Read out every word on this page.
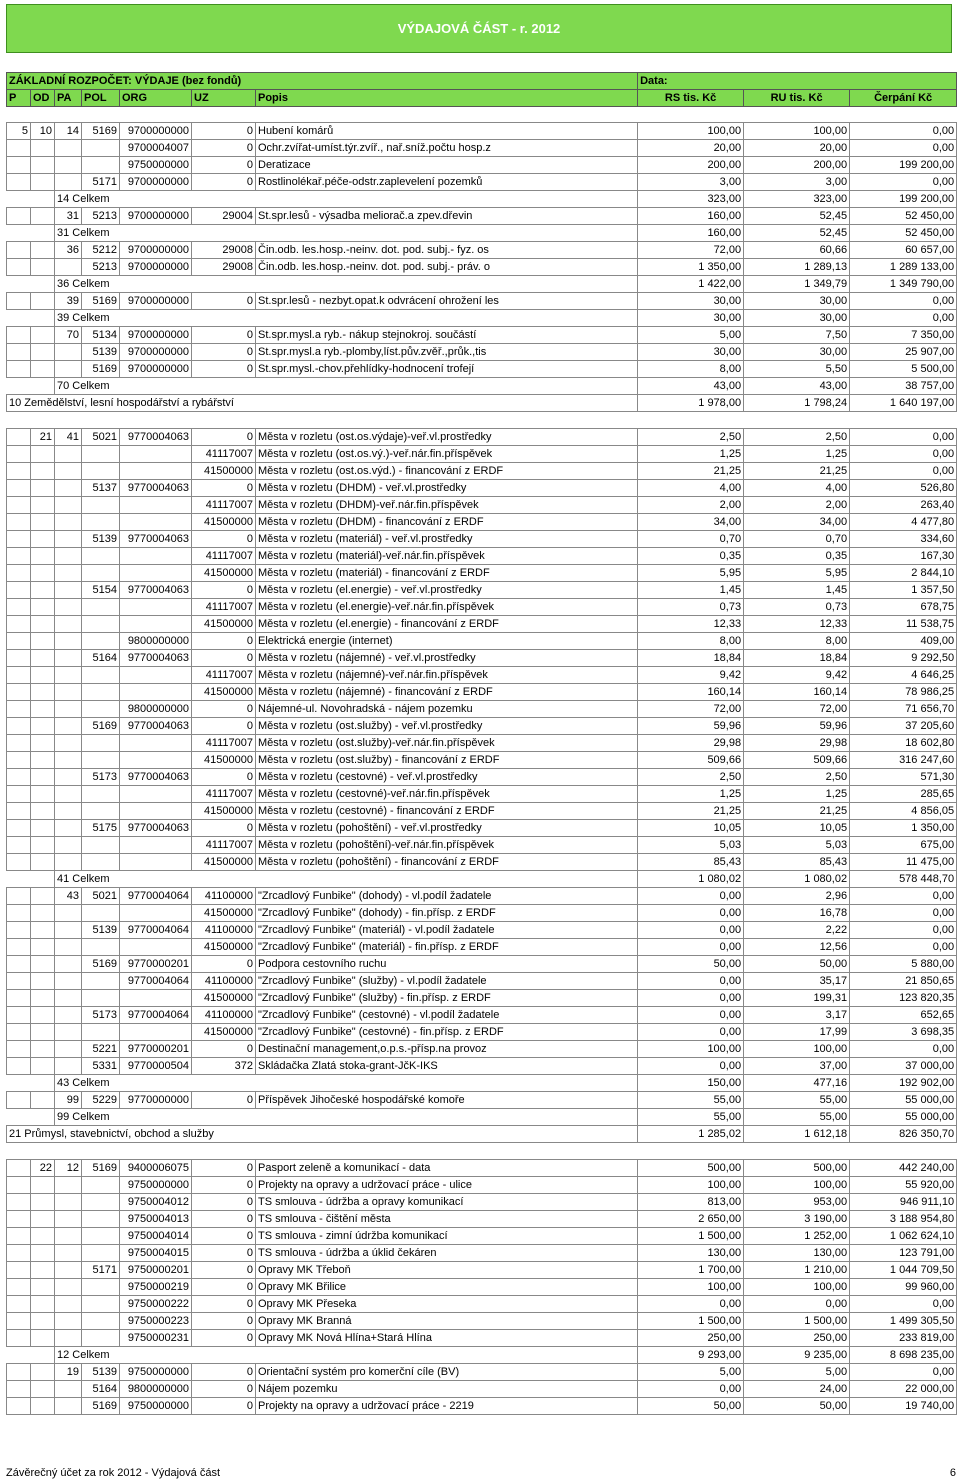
VÝDAJOVÁ ČÁST - r. 2012
ZÁKLADNÍ ROZPOČET: VÝDAJE (bez fondů)							Data:		
P	OD	PA	POL	ORG	UZ	Popis	RS tis. Kč	RU tis. Kč	Čerpání Kč

5	10	14	5169	9700000000	0	Hubení komárů	100,00	100,00	0,00
				9700004007	0	Ochr.zvířat-umíst.týr.zvíř., nař.sníž.počtu hosp.z	20,00	20,00	0,00
				9750000000	0	Deratizace	200,00	200,00	199 200,00
			5171	9700000000	0	Rostlinolékař.péče-odstr.zaplevelení pozemků	3,00	3,00	0,00
		14 Celkem					323,00	323,00	199 200,00
		31	5213	9700000000	29004	St.spr.lesů - výsadba meliorač.a zpev.dřevin	160,00	52,45	52 450,00
		31 Celkem					160,00	52,45	52 450,00
		36	5212	9700000000	29008	Čin.odb. les.hosp.-neinv. dot. pod. subj.- fyz. os	72,00	60,66	60 657,00
			5213	9700000000	29008	Čin.odb. les.hosp.-neinv. dot. pod. subj.- práv. o	1 350,00	1 289,13	1 289 133,00
		36 Celkem					1 422,00	1 349,79	1 349 790,00
		39	5169	9700000000	0	St.spr.lesů - nezbyt.opat.k odvrácení ohrožení les	30,00	30,00	0,00
		39 Celkem					30,00	30,00	0,00
		70	5134	9700000000	0	St.spr.mysl.a ryb.- nákup stejnokroj. součástí	5,00	7,50	7 350,00
			5139	9700000000	0	St.spr.mysl.a ryb.-plomby,líst.pův.zvěř.,průk.,tis	30,00	30,00	25 907,00
			5169	9700000000	0	St.spr.mysl.-chov.přehlídky-hodnocení trofejí	8,00	5,50	5 500,00
		70 Celkem					43,00	43,00	38 757,00
10 Zemědělství, lesní hospodářství a rybářství							1 978,00	1 798,24	1 640 197,00

	21	41	5021	9770004063	0	Města v rozletu (ost.os.výdaje)-veř.vl.prostředky	2,50	2,50	0,00
					41117007	Města v rozletu (ost.os.vý.)-veř.nár.fin.příspěvek	1,25	1,25	0,00
					41500000	Města v rozletu (ost.os.výd.) - financování z ERDF	21,25	21,25	0,00
			5137	9770004063	0	Města v rozletu (DHDM) - veř.vl.prostředky	4,00	4,00	526,80
					41117007	Města v rozletu (DHDM)-veř.nár.fin.příspěvek	2,00	2,00	263,40
					41500000	Města v rozletu (DHDM) - financování z ERDF	34,00	34,00	4 477,80
			5139	9770004063	0	Města v rozletu (materiál) - veř.vl.prostředky	0,70	0,70	334,60
					41117007	Města v rozletu (materiál)-veř.nár.fin.příspěvek	0,35	0,35	167,30
					41500000	Města v rozletu (materiál) - financování z ERDF	5,95	5,95	2 844,10
			5154	9770004063	0	Města v rozletu (el.energie) - veř.vl.prostředky	1,45	1,45	1 357,50
					41117007	Města v rozletu (el.energie)-veř.nár.fin.příspěvek	0,73	0,73	678,75
					41500000	Města v rozletu (el.energie) - financování z ERDF	12,33	12,33	11 538,75
				9800000000	0	Elektrická energie (internet)	8,00	8,00	409,00
			5164	9770004063	0	Města v rozletu (nájemné) - veř.vl.prostředky	18,84	18,84	9 292,50
					41117007	Města v rozletu (nájemné)-veř.nár.fin.příspěvek	9,42	9,42	4 646,25
					41500000	Města v rozletu (nájemné) - financování z ERDF	160,14	160,14	78 986,25
				9800000000	0	Nájemné-ul. Novohradská - nájem pozemku	72,00	72,00	71 656,70
			5169	9770004063	0	Města v rozletu (ost.služby) - veř.vl.prostředky	59,96	59,96	37 205,60
					41117007	Města v rozletu (ost.služby)-veř.nár.fin.příspěvek	29,98	29,98	18 602,80
					41500000	Města v rozletu (ost.služby) - financování z ERDF	509,66	509,66	316 247,60
			5173	9770004063	0	Města v rozletu (cestovné) - veř.vl.prostředky	2,50	2,50	571,30
					41117007	Města v rozletu (cestovné)-veř.nár.fin.příspěvek	1,25	1,25	285,65
					41500000	Města v rozletu (cestovné) - financování z ERDF	21,25	21,25	4 856,05
			5175	9770004063	0	Města v rozletu (pohoštění) - veř.vl.prostředky	10,05	10,05	1 350,00
					41117007	Města v rozletu (pohoštění)-veř.nár.fin.příspěvek	5,03	5,03	675,00
					41500000	Města v rozletu (pohoštění) - financování z ERDF	85,43	85,43	11 475,00
		41 Celkem					1 080,02	1 080,02	578 448,70
		43	5021	9770004064	41100000	"Zrcadlový Funbike" (dohody) - vl.podíl žadatele	0,00	2,96	0,00
					41500000	"Zrcadlový Funbike" (dohody) - fin.přísp. z ERDF	0,00	16,78	0,00
			5139	9770004064	41100000	"Zrcadlový Funbike" (materiál) - vl.podíl žadatele	0,00	2,22	0,00
					41500000	"Zrcadlový Funbike" (materiál) - fin.přísp. z ERDF	0,00	12,56	0,00
			5169	9770000201	0	Podpora cestovního ruchu	50,00	50,00	5 880,00
				9770004064	41100000	"Zrcadlový Funbike" (služby) - vl.podíl žadatele	0,00	35,17	21 850,65
					41500000	"Zrcadlový Funbike" (služby) - fin.přísp. z ERDF	0,00	199,31	123 820,35
			5173	9770004064	41100000	"Zrcadlový Funbike" (cestovné) - vl.podíl žadatele	0,00	3,17	652,65
					41500000	"Zrcadlový Funbike" (cestovné) - fin.přísp. z ERDF	0,00	17,99	3 698,35
			5221	9770000201	0	Destinační management,o.p.s.-přísp.na provoz	100,00	100,00	0,00
			5331	9770000504	372	Skládačka Zlatá stoka-grant-JčK-IKS	0,00	37,00	37 000,00
		43 Celkem					150,00	477,16	192 902,00
		99	5229	9770000000	0	Příspěvek Jihočeské hospodářské komoře	55,00	55,00	55 000,00
		99 Celkem					55,00	55,00	55 000,00
21 Průmysl, stavebnictví, obchod a služby							1 285,02	1 612,18	826 350,70

	22	12	5169	9400006075	0	Pasport zeleně a komunikací - data	500,00	500,00	442 240,00
				9750000000	0	Projekty na opravy a udržovací práce - ulice	100,00	100,00	55 920,00
				9750004012	0	TS smlouva - údržba a opravy komunikací	813,00	953,00	946 911,10
				9750004013	0	TS smlouva - čištění města	2 650,00	3 190,00	3 188 954,80
				9750004014	0	TS smlouva - zimní údržba komunikací	1 500,00	1 252,00	1 062 624,10
				9750004015	0	TS smlouva - údržba a úklid čekáren	130,00	130,00	123 791,00
			5171	9750000201	0	Opravy MK Třeboň	1 700,00	1 210,00	1 044 709,50
				9750000219	0	Opravy MK Břilice	100,00	100,00	99 960,00
				9750000222	0	Opravy MK Přeseka	0,00	0,00	0,00
				9750000223	0	Opravy MK Branná	1 500,00	1 500,00	1 499 305,50
				9750000231	0	Opravy MK Nová Hlína+Stará Hlína	250,00	250,00	233 819,00
		12 Celkem					9 293,00	9 235,00	8 698 235,00
		19	5139	9750000000	0	Orientační systém pro komerční cíle (BV)	5,00	5,00	0,00
			5164	9800000000	0	Nájem pozemku	0,00	24,00	22 000,00
			5169	9750000000	0	Projekty na opravy a udržovací práce - 2219	50,00	50,00	19 740,00
Závěrečný účet za rok 2012 - Výdajová část	6
